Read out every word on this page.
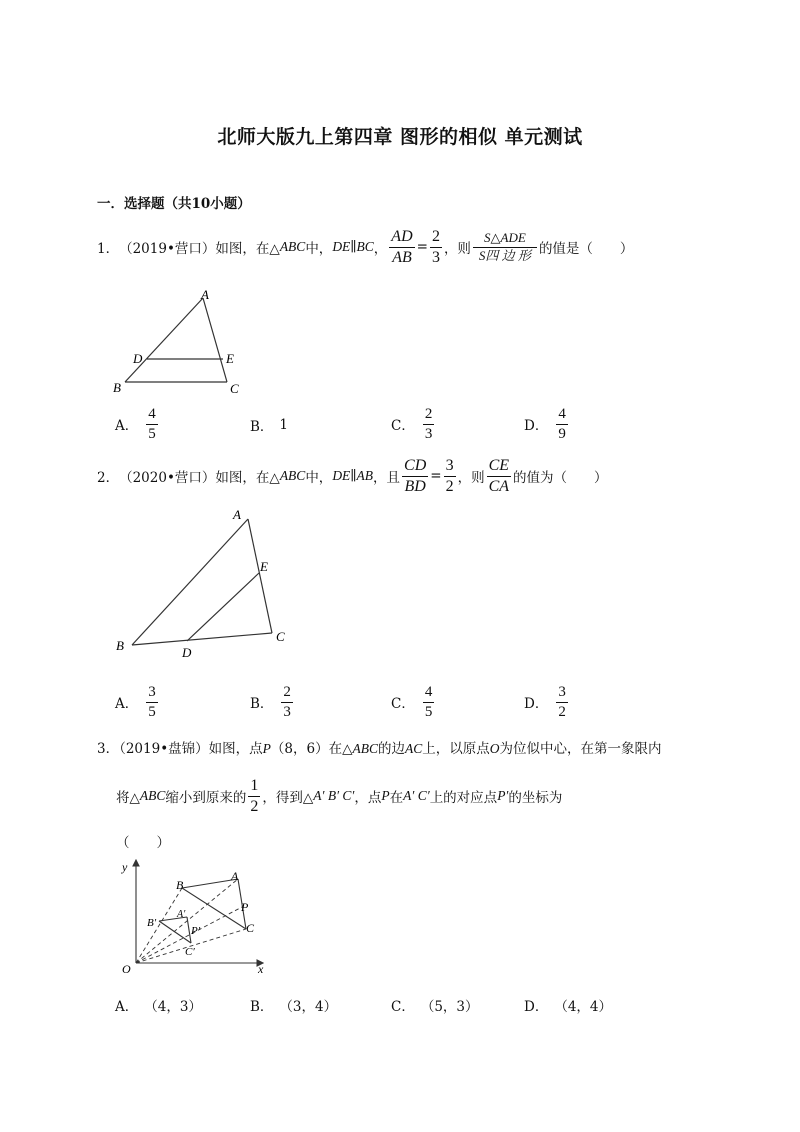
北师大版九上第四章 图形的相似 单元测试
一．选择题（共10小题）
1． （2019•营口） 如图，在△ ABC 中， DE∥BC ， $\frac{AD}{AB} = \frac{2}{3}$ ，则 $\frac{\text{S△ADE}}{\text{S四 边 形}}$ 的值是（　　）
A
D	E
B	C
A． $\frac{4}{5}$	B． 1	C． $\frac{2}{3}$	D． $\frac{4}{9}$
2． （2020•营口） 如图，在△ ABC 中， DE∥AB ，且 $\frac{CD}{BD} = \frac{3}{2}$ ，则 $\frac{CE}{CA}$ 的值为（　　）
A
E
B	D
C
A． $\frac{3}{5}$	B． $\frac{2}{3}$	C． $\frac{4}{5}$	D． $\frac{3}{2}$
3．（2019•盘锦）如图，点P（8，6）在△ABC的边AC上，以原点O为位似中心，在第一象限内
将△ ABC 缩小到原来的 $\frac{1}{2}$ ，得到△ A′ B′ C′ ，点 P 在 A′ C′ 上的对应点 P′ 的坐标为
（　　）
y
B
A
P
B′
A′
P′	C
C′
O	x
A． （4，3）	B． （3，4）	C． （5，3）	D． （4，4）
